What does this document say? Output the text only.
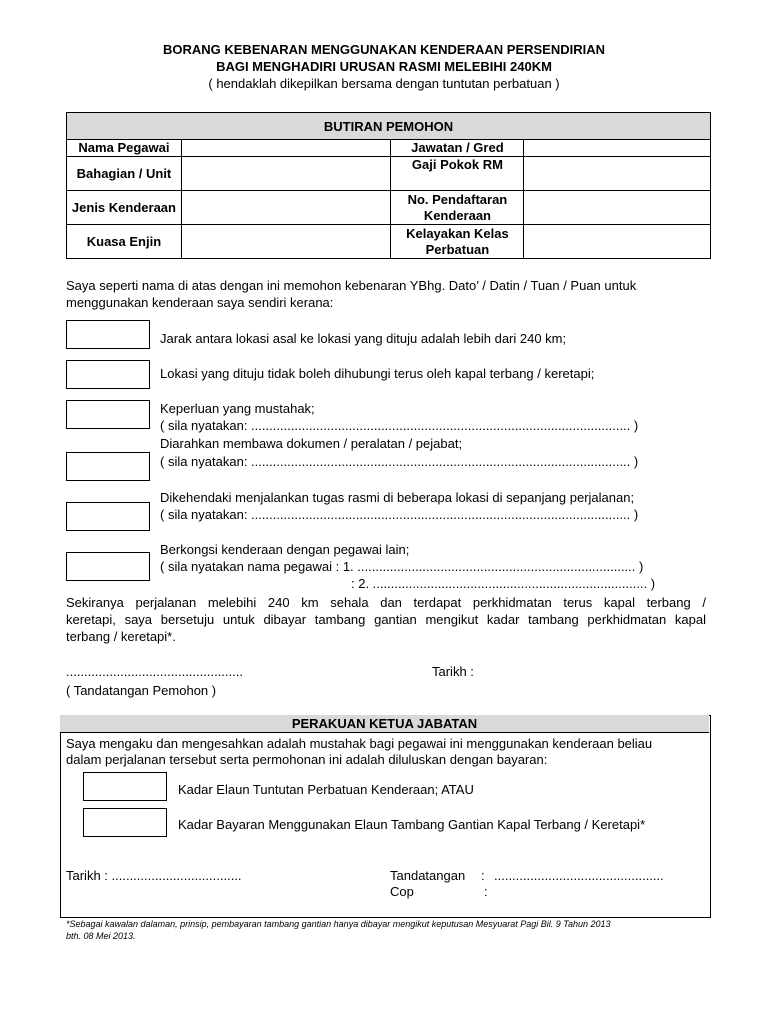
BORANG KEBENARAN MENGGUNAKAN KENDERAAN PERSENDIRIAN
BAGI MENGHADIRI URUSAN RASMI MELEBIHI 240KM
( hendaklah dikepilkan bersama dengan tuntutan perbatuan )
BUTIRAN PEMOHON			
Nama Pegawai		Jawatan / Gred	
Bahagian / Unit		Gaji Pokok RM	
Jenis Kenderaan		No. Pendaftaran Kenderaan	
Kuasa Enjin		Kelayakan Kelas Perbatuan	
Saya seperti nama di atas dengan ini memohon kebenaran YBhg. Dato’ / Datin / Tuan / Puan untuk
menggunakan kenderaan saya sendiri kerana:
Jarak antara lokasi asal ke lokasi yang dituju adalah lebih dari 240 km;
Lokasi yang dituju tidak boleh dihubungi terus oleh kapal terbang / keretapi;
Keperluan yang mustahak;
( sila nyatakan: ......................................................................................................... )
Diarahkan membawa dokumen / peralatan / pejabat;
( sila nyatakan: ......................................................................................................... )
Dikehendaki menjalankan tugas rasmi di beberapa lokasi di sepanjang perjalanan;
( sila nyatakan: ......................................................................................................... )
Berkongsi kenderaan dengan pegawai lain;
( sila nyatakan nama pegawai : 1. ............................................................................. )
: 2. ............................................................................ )
Sekiranya perjalanan melebihi 240 km sehala dan terdapat perkhidmatan terus kapal terbang /
keretapi, saya bersetuju untuk dibayar tambang gantian mengikut kadar tambang perkhidmatan kapal
terbang / keretapi*.
.................................................
( Tandatangan Pemohon )
Tarikh :
PERAKUAN KETUA JABATAN
Saya mengaku dan mengesahkan adalah mustahak bagi pegawai ini menggunakan kenderaan beliau
dalam perjalanan tersebut serta permohonan ini adalah diluluskan dengan bayaran:
Kadar Elaun Tuntutan Perbatuan Kenderaan; ATAU
Kadar Bayaran Menggunakan Elaun Tambang Gantian Kapal Terbang / Keretapi*
Tarikh : ....................................	Tandatangan : ...............................................
Cop	:
*Sebagai kawalan dalaman, prinsip, pembayaran tambang gantian hanya dibayar mengikut keputusan Mesyuarat Pagi Bil. 9 Tahun 2013
bth. 08 Mei 2013.
